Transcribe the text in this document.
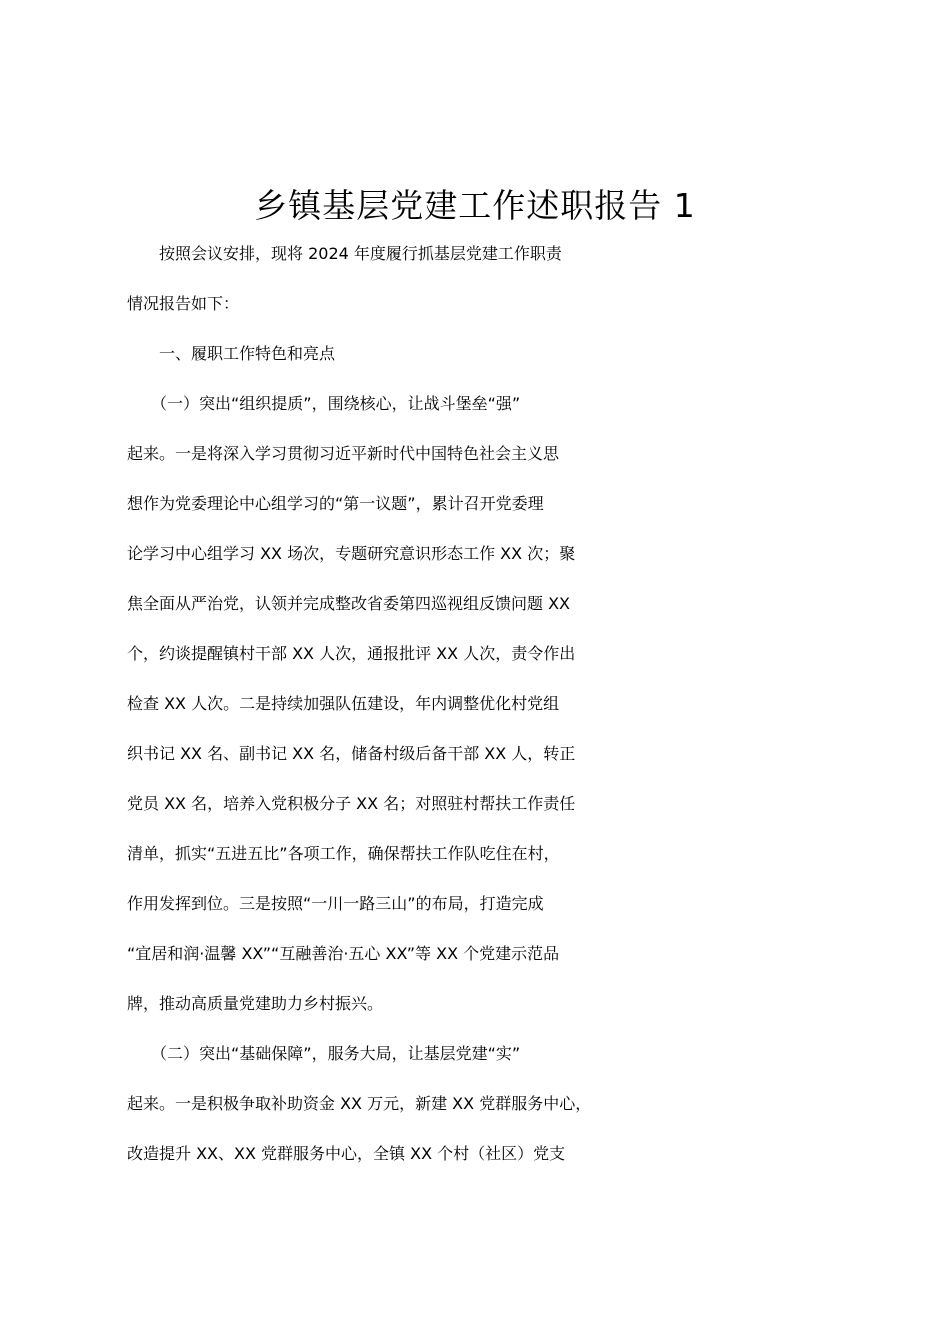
乡镇基层党建工作述职报告 1
　　按照会议安排，现将 2024 年度履行抓基层党建工作职责
情况报告如下：
　　一、履职工作特色和亮点
　　（一）突出“组织提质”，围绕核心，让战斗堡垒“强”
起来。一是将深入学习贯彻习近平新时代中国特色社会主义思
想作为党委理论中心组学习的“第一议题”，累计召开党委理
论学习中心组学习 XX 场次，专题研究意识形态工作 XX 次；聚
焦全面从严治党，认领并完成整改省委第四巡视组反馈问题 XX
个，约谈提醒镇村干部 XX 人次，通报批评 XX 人次，责令作出
检查 XX 人次。二是持续加强队伍建设，年内调整优化村党组
织书记 XX 名、副书记 XX 名，储备村级后备干部 XX 人，转正
党员 XX 名，培养入党积极分子 XX 名；对照驻村帮扶工作责任
清单，抓实“五进五比”各项工作，确保帮扶工作队吃住在村，
作用发挥到位。三是按照“一川一路三山”的布局，打造完成
“宜居和润·温馨 XX”“互融善治·五心 XX”等 XX 个党建示范品
牌，推动高质量党建助力乡村振兴。
　　（二）突出“基础保障”，服务大局，让基层党建“实”
起来。一是积极争取补助资金 XX 万元，新建 XX 党群服务中心，
改造提升 XX、XX 党群服务中心，全镇 XX 个村（社区）党支
